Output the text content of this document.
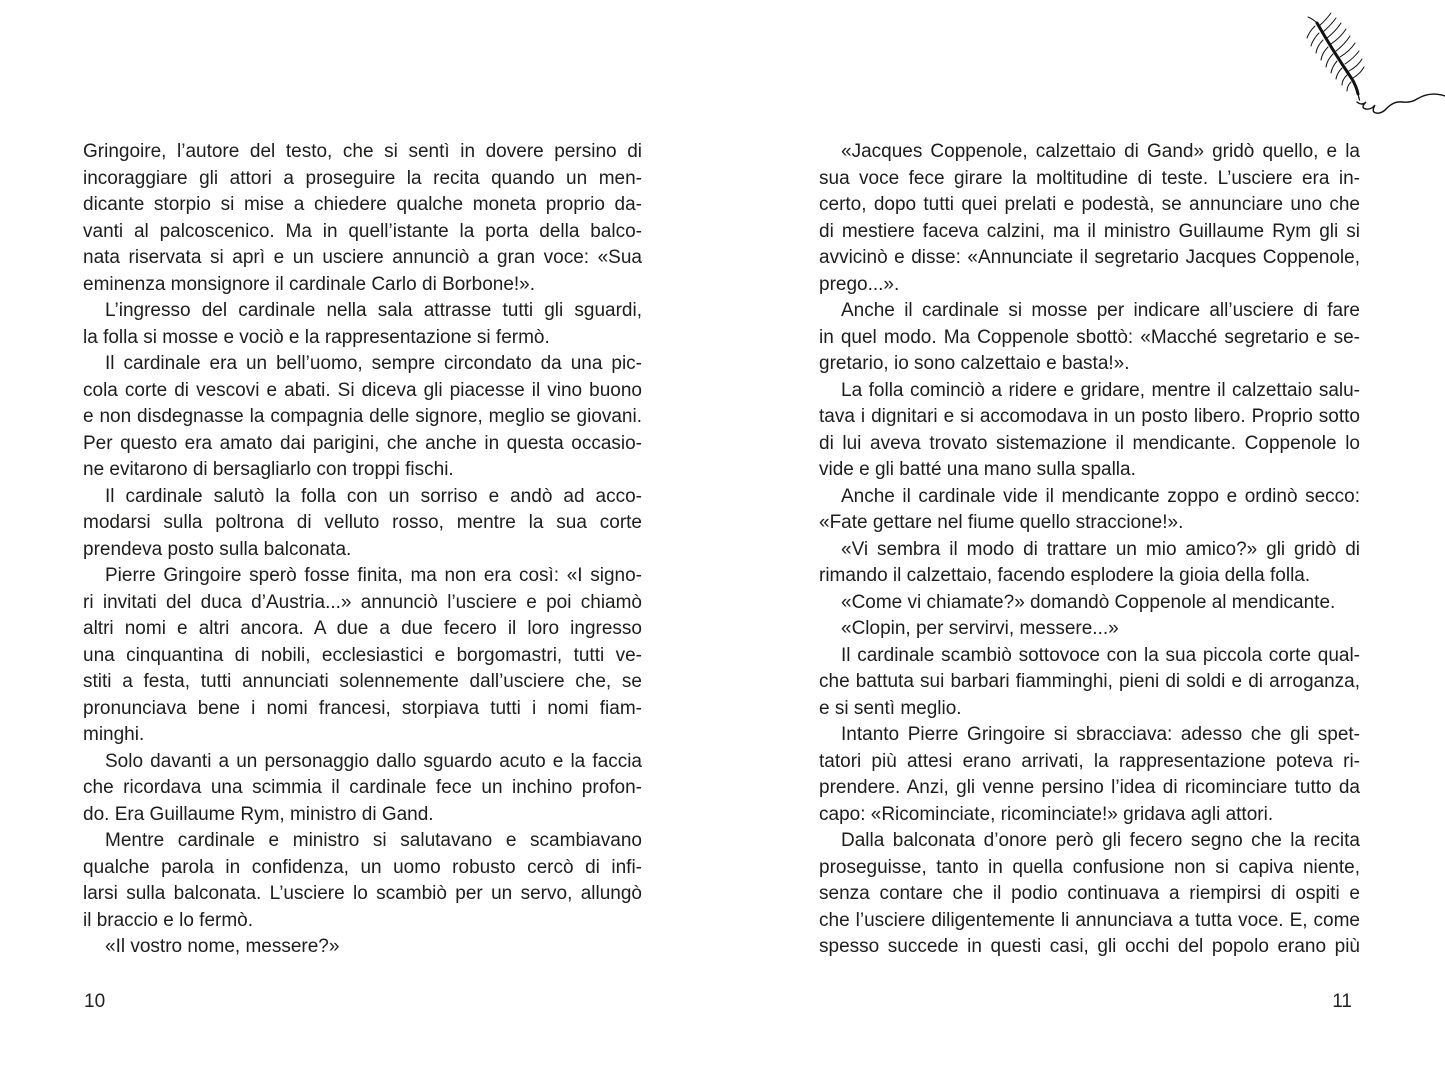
Gringoire, l’autore del testo, che si sentì in dovere persino di
incoraggiare gli attori a proseguire la recita quando un men-
dicante storpio si mise a chiedere qualche moneta proprio da-
vanti al palcoscenico. Ma in quell’istante la porta della balco-
nata riservata si aprì e un usciere annunciò a gran voce: «Sua
eminenza monsignore il cardinale Carlo di Borbone!».
L’ingresso del cardinale nella sala attrasse tutti gli sguardi,
la folla si mosse e vociò e la rappresentazione si fermò.
Il cardinale era un bell’uomo, sempre circondato da una pic-
cola corte di vescovi e abati. Si diceva gli piacesse il vino buono
e non disdegnasse la compagnia delle signore, meglio se giovani.
Per questo era amato dai parigini, che anche in questa occasio-
ne evitarono di bersagliarlo con troppi fischi.
Il cardinale salutò la folla con un sorriso e andò ad acco-
modarsi sulla poltrona di velluto rosso, mentre la sua corte
prendeva posto sulla balconata.
Pierre Gringoire sperò fosse finita, ma non era così: «I signo-
ri invitati del duca d’Austria...» annunciò l’usciere e poi chiamò
altri nomi e altri ancora. A due a due fecero il loro ingresso
una cinquantina di nobili, ecclesiastici e borgomastri, tutti ve-
stiti a festa, tutti annunciati solennemente dall’usciere che, se
pronunciava bene i nomi francesi, storpiava tutti i nomi fiam-
minghi.
Solo davanti a un personaggio dallo sguardo acuto e la faccia
che ricordava una scimmia il cardinale fece un inchino profon-
do. Era Guillaume Rym, ministro di Gand.
Mentre cardinale e ministro si salutavano e scambiavano
qualche parola in confidenza, un uomo robusto cercò di infi-
larsi sulla balconata. L’usciere lo scambiò per un servo, allungò
il braccio e lo fermò.
«Il vostro nome, messere?»
«Jacques Coppenole, calzettaio di Gand» gridò quello, e la
sua voce fece girare la moltitudine di teste. L’usciere era in-
certo, dopo tutti quei prelati e podestà, se annunciare uno che
di mestiere faceva calzini, ma il ministro Guillaume Rym gli si
avvicinò e disse: «Annunciate il segretario Jacques Coppenole,
prego...».
Anche il cardinale si mosse per indicare all’usciere di fare
in quel modo. Ma Coppenole sbottò: «Macché segretario e se-
gretario, io sono calzettaio e basta!».
La folla cominciò a ridere e gridare, mentre il calzettaio salu-
tava i dignitari e si accomodava in un posto libero. Proprio sotto
di lui aveva trovato sistemazione il mendicante. Coppenole lo
vide e gli batté una mano sulla spalla.
Anche il cardinale vide il mendicante zoppo e ordinò secco:
«Fate gettare nel fiume quello straccione!».
«Vi sembra il modo di trattare un mio amico?» gli gridò di
rimando il calzettaio, facendo esplodere la gioia della folla.
«Come vi chiamate?» domandò Coppenole al mendicante.
«Clopin, per servirvi, messere...»
Il cardinale scambiò sottovoce con la sua piccola corte qual-
che battuta sui barbari fiamminghi, pieni di soldi e di arroganza,
e si sentì meglio.
Intanto Pierre Gringoire si sbracciava: adesso che gli spet-
tatori più attesi erano arrivati, la rappresentazione poteva ri-
prendere. Anzi, gli venne persino l’idea di ricominciare tutto da
capo: «Ricominciate, ricominciate!» gridava agli attori.
Dalla balconata d’onore però gli fecero segno che la recita
proseguisse, tanto in quella confusione non si capiva niente,
senza contare che il podio continuava a riempirsi di ospiti e
che l’usciere diligentemente li annunciava a tutta voce. E, come
spesso succede in questi casi, gli occhi del popolo erano più
10	11
